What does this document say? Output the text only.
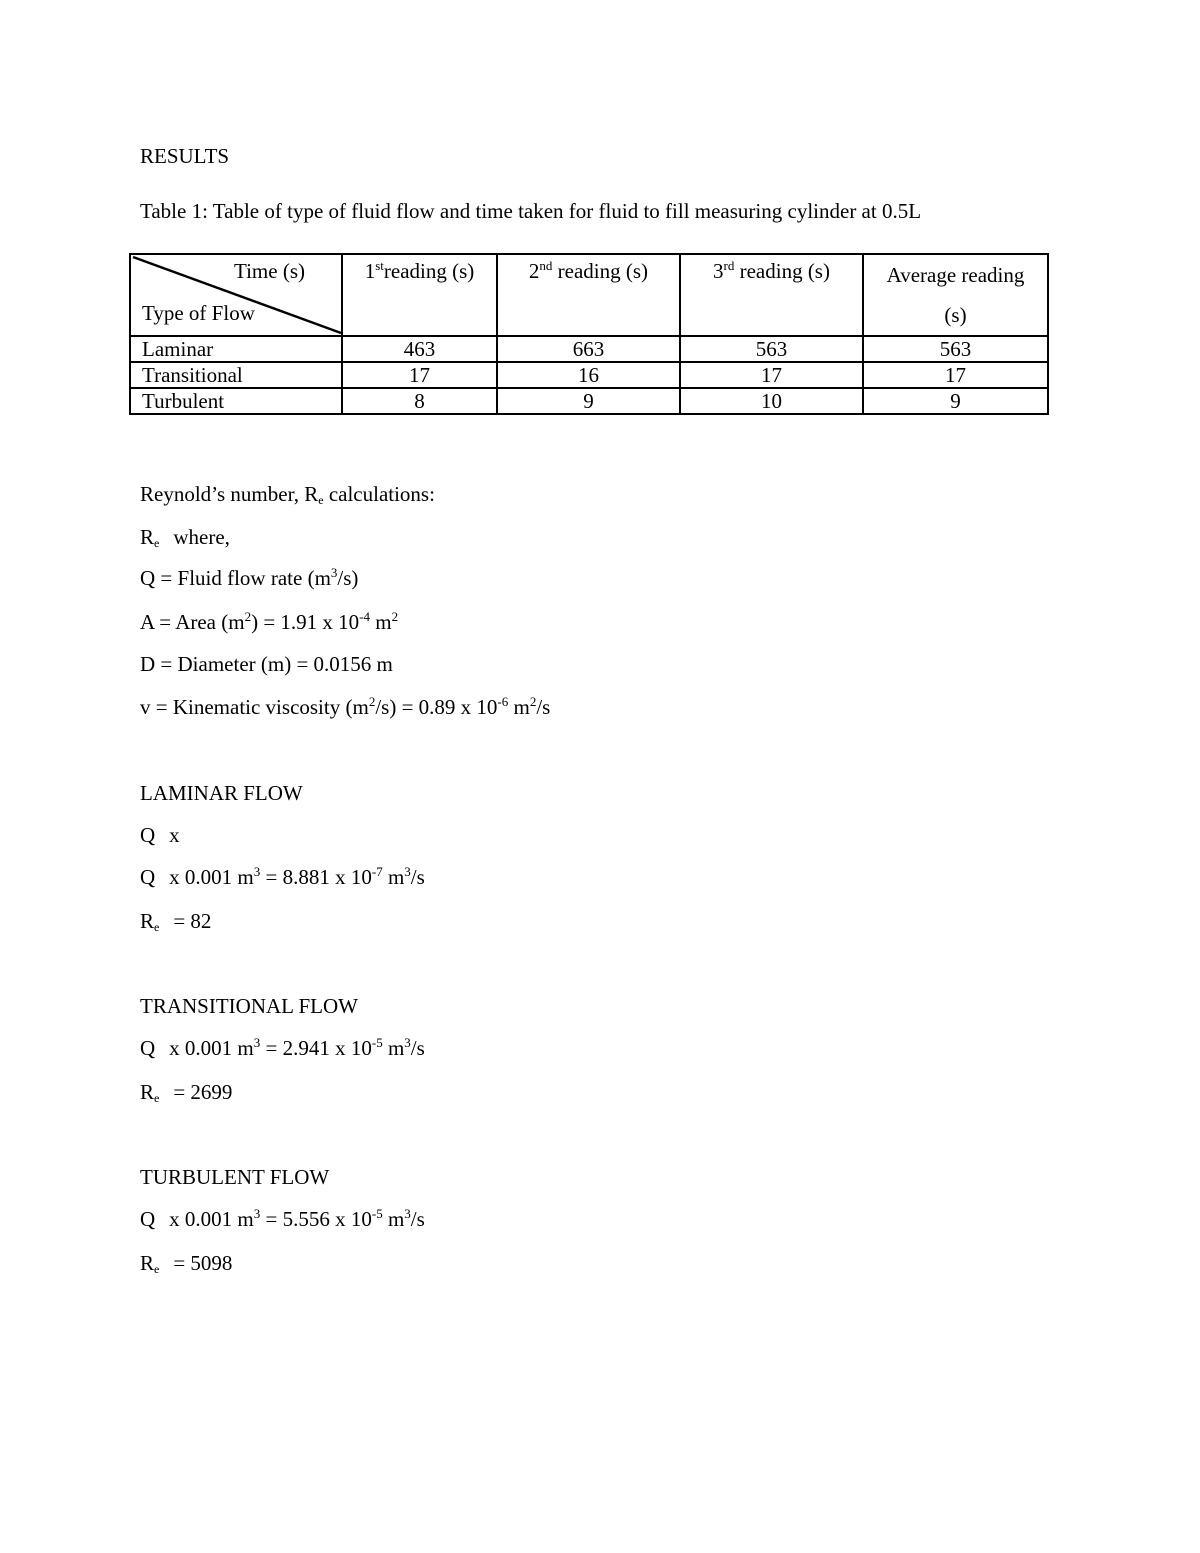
RESULTS
Table 1: Table of type of fluid flow and time taken for fluid to fill measuring cylinder at 0.5L
Time (s)
Type of Flow	1streading (s)	2nd reading (s)	3rd reading (s)	Average reading
(s)

Laminar	463	663	563	563
Transitional	17	16	17	17
Turbulent	8	9	10	9
Reynold’s number, $R_e$ calculations:
$R_e$ where,
Q = Fluid flow rate $(m^3/s)$
A = Area $(m^2) = 1.91$ x $10^{-4}$ $m^2$
D = Diameter (m) = 0.0156 m
v = Kinematic viscosity $(m^2/s) = 0.89$ x $10^{-6}$ $m^2/s$
LAMINAR FLOW
Q x
Q x 0.001 $m^3 = 8.881$ x $10^{-7}$ $m^3/s$
$R_e = 82$
TRANSITIONAL FLOW
Q x 0.001 $m^3 = 2.941$ x $10^{-5}$ $m^3/s$
$R_e = 2699$
TURBULENT FLOW
Q x 0.001 $m^3 = 5.556$ x $10^{-5}$ $m^3/s$
$R_e = 5098$
